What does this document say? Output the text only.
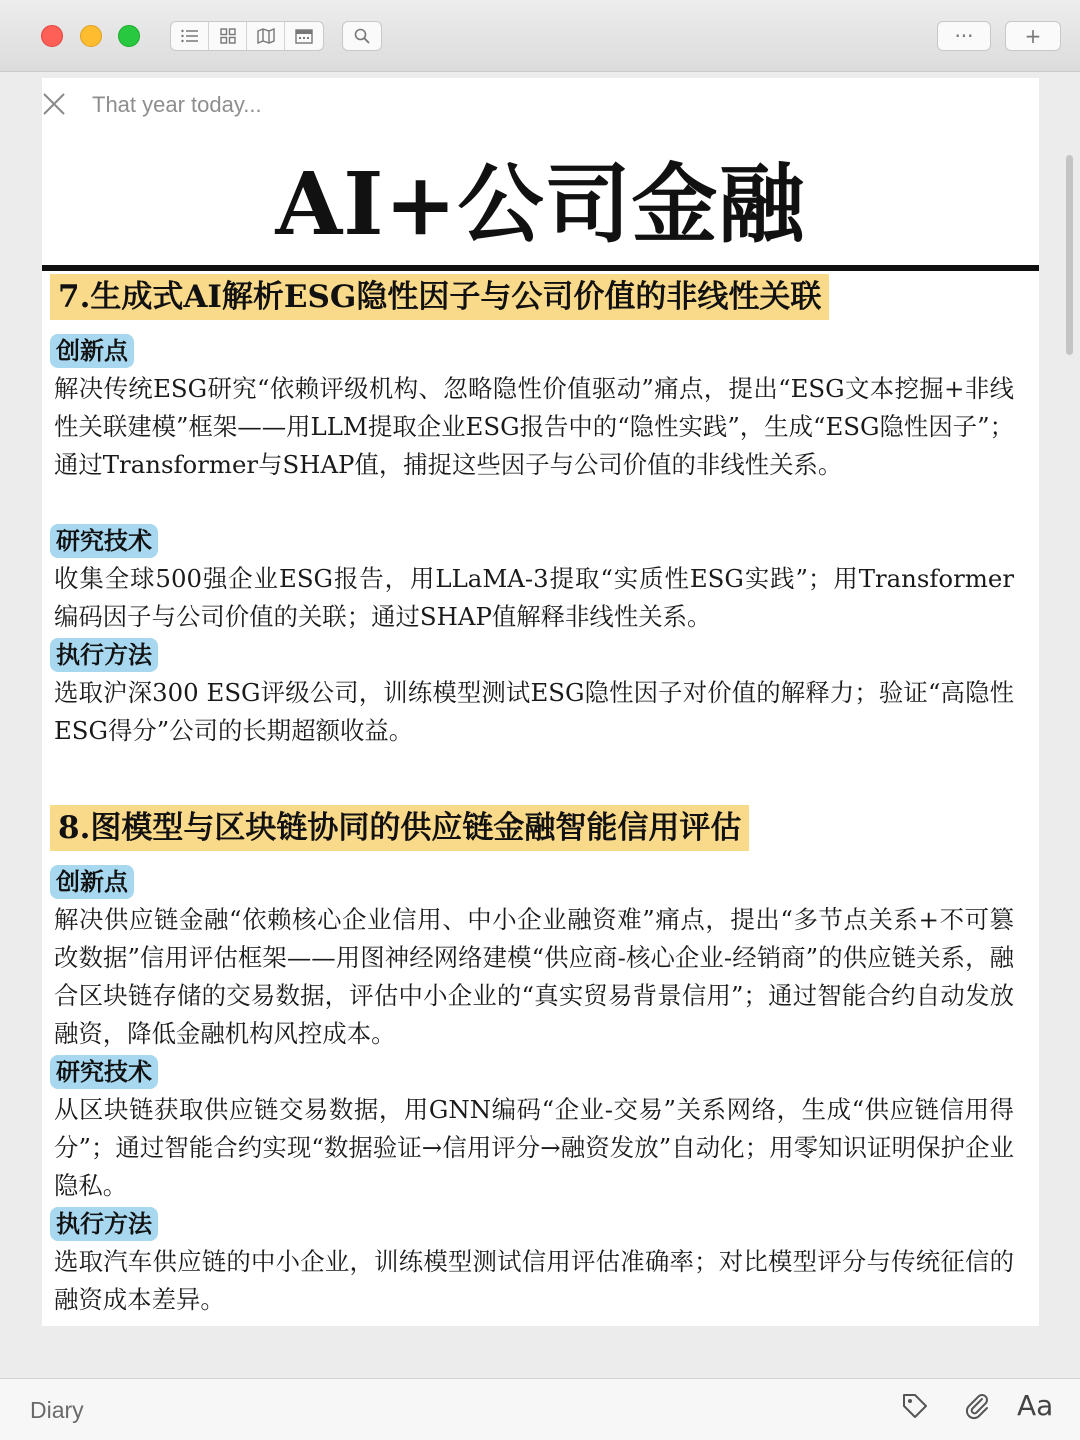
···	+
That year today...
AI+公司金融
7.生成式AI解析ESG隐性因子与公司价值的非线性关联
创新点
解决传统ESG研究“依赖评级机构、忽略隐性价值驱动”痛点，提出“ESG文本挖掘+非线性关联建模”框架——用LLM提取企业ESG报告中的“隐性实践”，生成“ESG隐性因子”；通过Transformer与SHAP值，捕捉这些因子与公司价值的非线性关系。
研究技术
收集全球500强企业ESG报告，用LLaMA-3提取“实质性ESG实践”；用Transformer编码因子与公司价值的关联；通过SHAP值解释非线性关系。
执行方法
选取沪深300 ESG评级公司，训练模型测试ESG隐性因子对价值的解释力；验证“高隐性ESG得分”公司的长期超额收益。
8.图模型与区块链协同的供应链金融智能信用评估
创新点
解决供应链金融“依赖核心企业信用、中小企业融资难”痛点，提出“多节点关系+不可篡改数据”信用评估框架——用图神经网络建模“供应商-核心企业-经销商”的供应链关系，融合区块链存储的交易数据，评估中小企业的“真实贸易背景信用”；通过智能合约自动发放融资，降低金融机构风控成本。
研究技术
从区块链获取供应链交易数据，用GNN编码“企业-交易”关系网络，生成“供应链信用得分”；通过智能合约实现“数据验证→信用评分→融资发放”自动化；用零知识证明保护企业隐私。
执行方法
选取汽车供应链的中小企业，训练模型测试信用评估准确率；对比模型评分与传统征信的融资成本差异。
Diary	Aa
